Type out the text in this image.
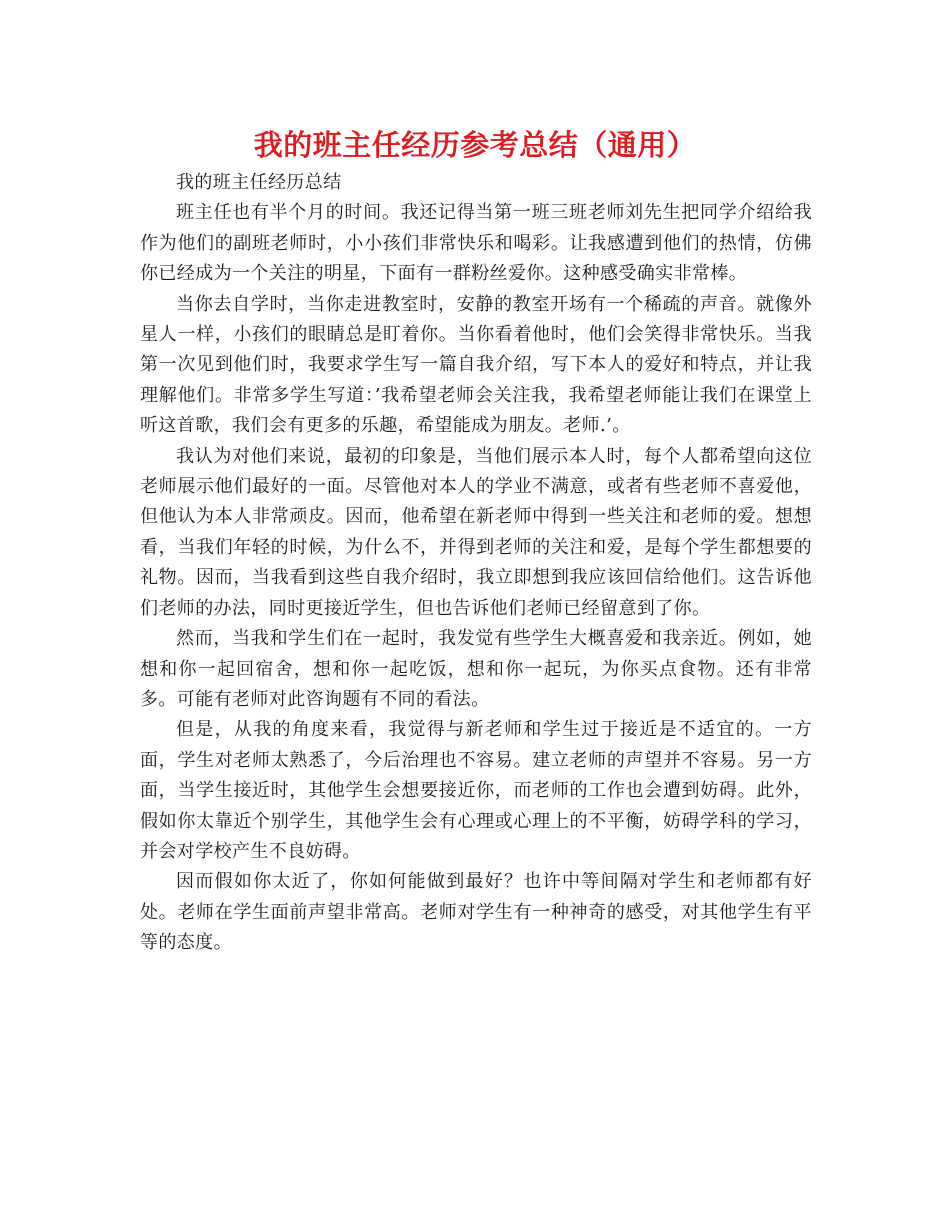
我的班主任经历参考总结（通用）

我的班主任经历总结

班主任也有半个月的时间。我还记得当第一班三班老师刘先生把同学介绍给我作为他们的副班老师时，小小孩们非常快乐和喝彩。让我感遭到他们的热情，仿佛你已经成为一个关注的明星，下面有一群粉丝爱你。这种感受确实非常棒。

当你去自学时，当你走进教室时，安静的教室开场有一个稀疏的声音。就像外星人一样，小孩们的眼睛总是盯着你。当你看着他时，他们会笑得非常快乐。当我第一次见到他们时，我要求学生写一篇自我介绍，写下本人的爱好和特点，并让我理解他们。非常多学生写道：’我希望老师会关注我，我希望老师能让我们在课堂上听这首歌，我们会有更多的乐趣，希望能成为朋友。老师.’。

我认为对他们来说，最初的印象是，当他们展示本人时，每个人都希望向这位老师展示他们最好的一面。尽管他对本人的学业不满意，或者有些老师不喜爱他，但他认为本人非常顽皮。因而，他希望在新老师中得到一些关注和老师的爱。想想看，当我们年轻的时候，为什么不，并得到老师的关注和爱，是每个学生都想要的礼物。因而，当我看到这些自我介绍时，我立即想到我应该回信给他们。这告诉他们老师的办法，同时更接近学生，但也告诉他们老师已经留意到了你。

然而，当我和学生们在一起时，我发觉有些学生大概喜爱和我亲近。例如，她想和你一起回宿舍，想和你一起吃饭，想和你一起玩，为你买点食物。还有非常多。可能有老师对此咨询题有不同的看法。

但是，从我的角度来看，我觉得与新老师和学生过于接近是不适宜的。一方面，学生对老师太熟悉了，今后治理也不容易。建立老师的声望并不容易。另一方面，当学生接近时，其他学生会想要接近你，而老师的工作也会遭到妨碍。此外，假如你太靠近个别学生，其他学生会有心理或心理上的不平衡，妨碍学科的学习，并会对学校产生不良妨碍。

因而假如你太近了，你如何能做到最好？也许中等间隔对学生和老师都有好处。老师在学生面前声望非常高。老师对学生有一种神奇的感受，对其他学生有平等的态度。
